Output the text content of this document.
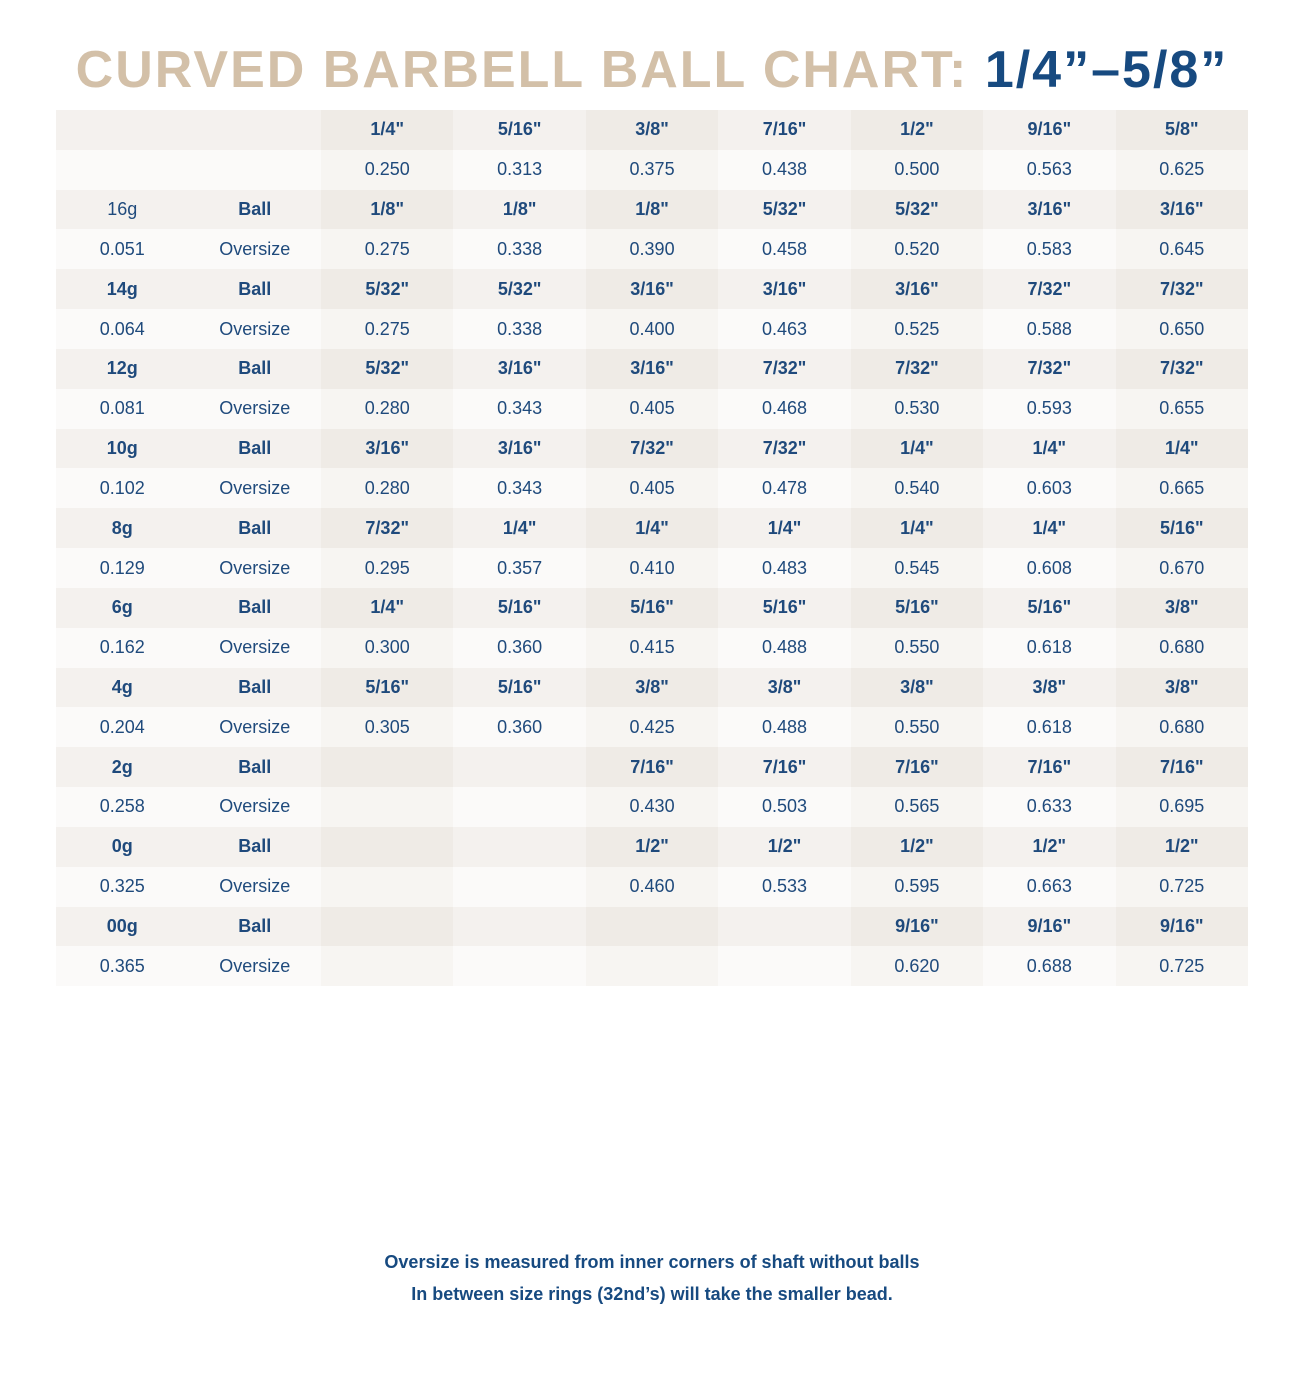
CURVED BARBELL BALL CHART: 1/4”–5/8”
		1/4"	5/16"	3/8"	7/16"	1/2"	9/16"	5/8"
		0.250	0.313	0.375	0.438	0.500	0.563	0.625
16g	Ball	1/8"	1/8"	1/8"	5/32"	5/32"	3/16"	3/16"
0.051	Oversize	0.275	0.338	0.390	0.458	0.520	0.583	0.645
14g	Ball	5/32"	5/32"	3/16"	3/16"	3/16"	7/32"	7/32"
0.064	Oversize	0.275	0.338	0.400	0.463	0.525	0.588	0.650
12g	Ball	5/32"	3/16"	3/16"	7/32"	7/32"	7/32"	7/32"
0.081	Oversize	0.280	0.343	0.405	0.468	0.530	0.593	0.655
10g	Ball	3/16"	3/16"	7/32"	7/32"	1/4"	1/4"	1/4"
0.102	Oversize	0.280	0.343	0.405	0.478	0.540	0.603	0.665
8g	Ball	7/32"	1/4"	1/4"	1/4"	1/4"	1/4"	5/16"
0.129	Oversize	0.295	0.357	0.410	0.483	0.545	0.608	0.670
6g	Ball	1/4"	5/16"	5/16"	5/16"	5/16"	5/16"	3/8"
0.162	Oversize	0.300	0.360	0.415	0.488	0.550	0.618	0.680
4g	Ball	5/16"	5/16"	3/8"	3/8"	3/8"	3/8"	3/8"
0.204	Oversize	0.305	0.360	0.425	0.488	0.550	0.618	0.680
2g	Ball			7/16"	7/16"	7/16"	7/16"	7/16"
0.258	Oversize			0.430	0.503	0.565	0.633	0.695
0g	Ball			1/2"	1/2"	1/2"	1/2"	1/2"
0.325	Oversize			0.460	0.533	0.595	0.663	0.725
00g	Ball					9/16"	9/16"	9/16"
0.365	Oversize					0.620	0.688	0.725
Oversize is measured from inner corners of shaft without balls
In between size rings (32nd’s) will take the smaller bead.
